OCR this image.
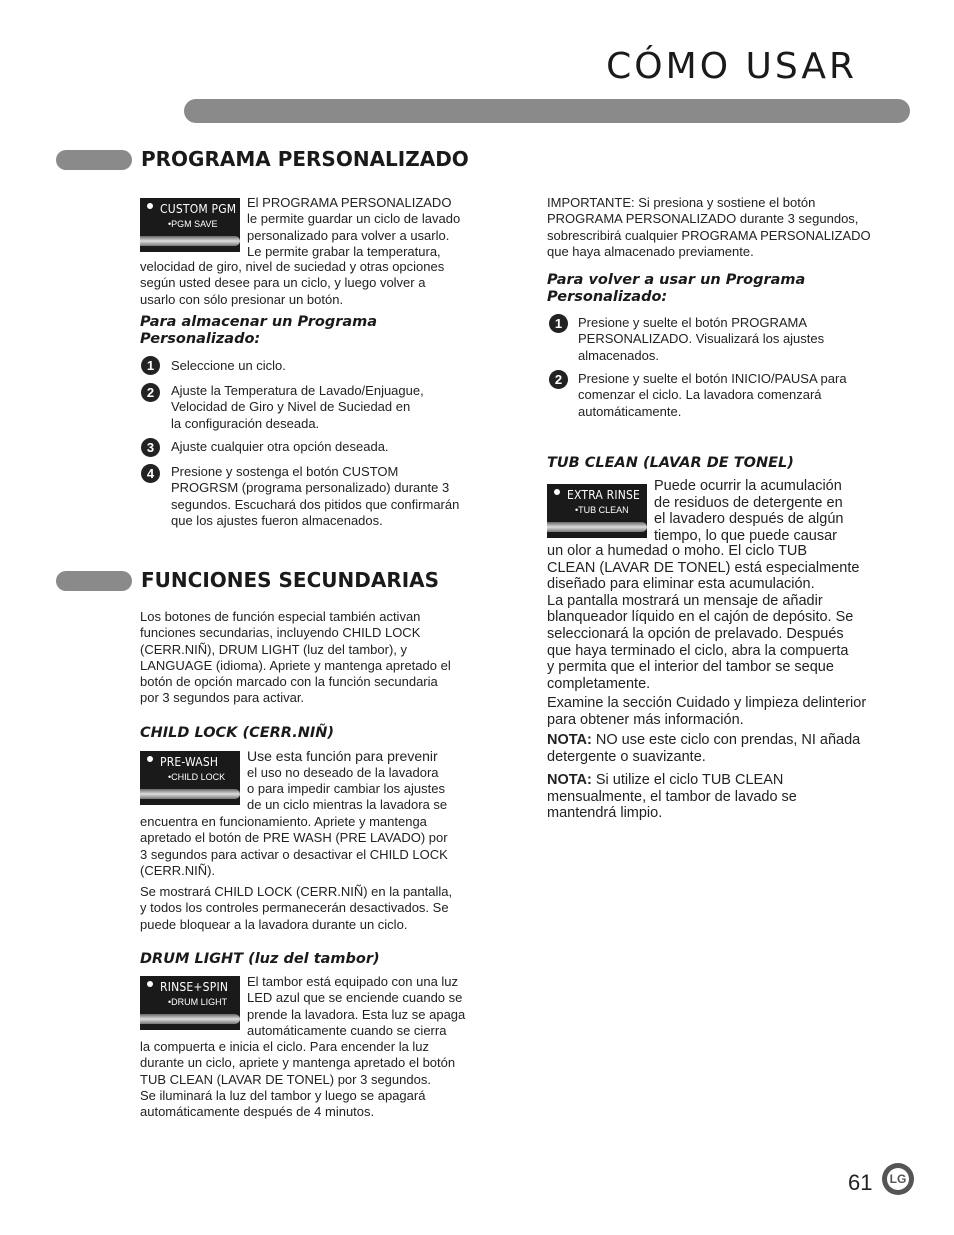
CÓMO USAR
PROGRAMA PERSONALIZADO
CUSTOM PGM
•PGM SAVE
El PROGRAMA PERSONALIZADO
le permite guardar un ciclo de lavado
personalizado para volver a usarlo.
Le permite grabar la temperatura,
velocidad de giro, nivel de suciedad y otras opciones
según usted desee para un ciclo, y luego volver a
usarlo con sólo presionar un botón.
Para almacenar un Programa
Personalizado:
1	Seleccione un ciclo.
2	Ajuste la Temperatura de Lavado/Enjuague,
Velocidad de Giro y Nivel de Suciedad en
la configuración deseada.
3	Ajuste cualquier otra opción deseada.
4	Presione y sostenga el botón CUSTOM
PROGRSM (programa personalizado) durante 3
segundos. Escuchará dos pitidos que confirmarán
que los ajustes fueron almacenados.
IMPORTANTE: Si presiona y sostiene el botón
PROGRAMA PERSONALIZADO durante 3 segundos,
sobrescribirá cualquier PROGRAMA PERSONALIZADO
que haya almacenado previamente.
Para volver a usar un Programa
Personalizado:
1	Presione y suelte el botón PROGRAMA
PERSONALIZADO. Visualizará los ajustes
almacenados.
2	Presione y suelte el botón INICIO/PAUSA para
comenzar el ciclo. La lavadora comenzará
automáticamente.
TUB CLEAN (LAVAR DE TONEL)
EXTRA RINSE
•TUB CLEAN
Puede ocurrir la acumulación
de residuos de detergente en
el lavadero después de algún
tiempo, lo que puede causar
un olor a humedad o moho. El ciclo TUB
CLEAN (LAVAR DE TONEL) está especialmente
diseñado para eliminar esta acumulación.
La pantalla mostrará un mensaje de añadir
blanqueador líquido en el cajón de depósito. Se
seleccionará la opción de prelavado. Después
que haya terminado el ciclo, abra la compuerta
y permita que el interior del tambor se seque
completamente.
Examine la sección Cuidado y limpieza delinterior
para obtener más información.
NOTA: NO use este ciclo con prendas, NI añada
detergente o suavizante.
NOTA: Si utilize el ciclo TUB CLEAN
mensualmente, el tambor de lavado se
mantendrá limpio.
FUNCIONES SECUNDARIAS
Los botones de función especial también activan
funciones secundarias, incluyendo CHILD LOCK
(CERR.NIÑ), DRUM LIGHT (luz del tambor), y
LANGUAGE (idioma). Apriete y mantenga apretado el
botón de opción marcado con la función secundaria
por 3 segundos para activar.
CHILD LOCK (CERR.NIÑ)
PRE-WASH
•CHILD LOCK
Use esta función para prevenir
el uso no deseado de la lavadora
o para impedir cambiar los ajustes
de un ciclo mientras la lavadora se
encuentra en funcionamiento. Apriete y mantenga
apretado el botón de PRE WASH (PRE LAVADO) por
3 segundos para activar o desactivar el CHILD LOCK
(CERR.NIÑ).
Se mostrará CHILD LOCK (CERR.NIÑ) en la pantalla,
y todos los controles permanecerán desactivados. Se
puede bloquear a la lavadora durante un ciclo.
DRUM LIGHT (luz del tambor)
RINSE+SPIN
•DRUM LIGHT
El tambor está equipado con una luz
LED azul que se enciende cuando se
prende la lavadora. Esta luz se apaga
automáticamente cuando se cierra
la compuerta e inicia el ciclo. Para encender la luz
durante un ciclo, apriete y mantenga apretado el botón
TUB CLEAN (LAVAR DE TONEL) por 3 segundos.
Se iluminará la luz del tambor y luego se apagará
automáticamente después de 4 minutos.
61 LG
